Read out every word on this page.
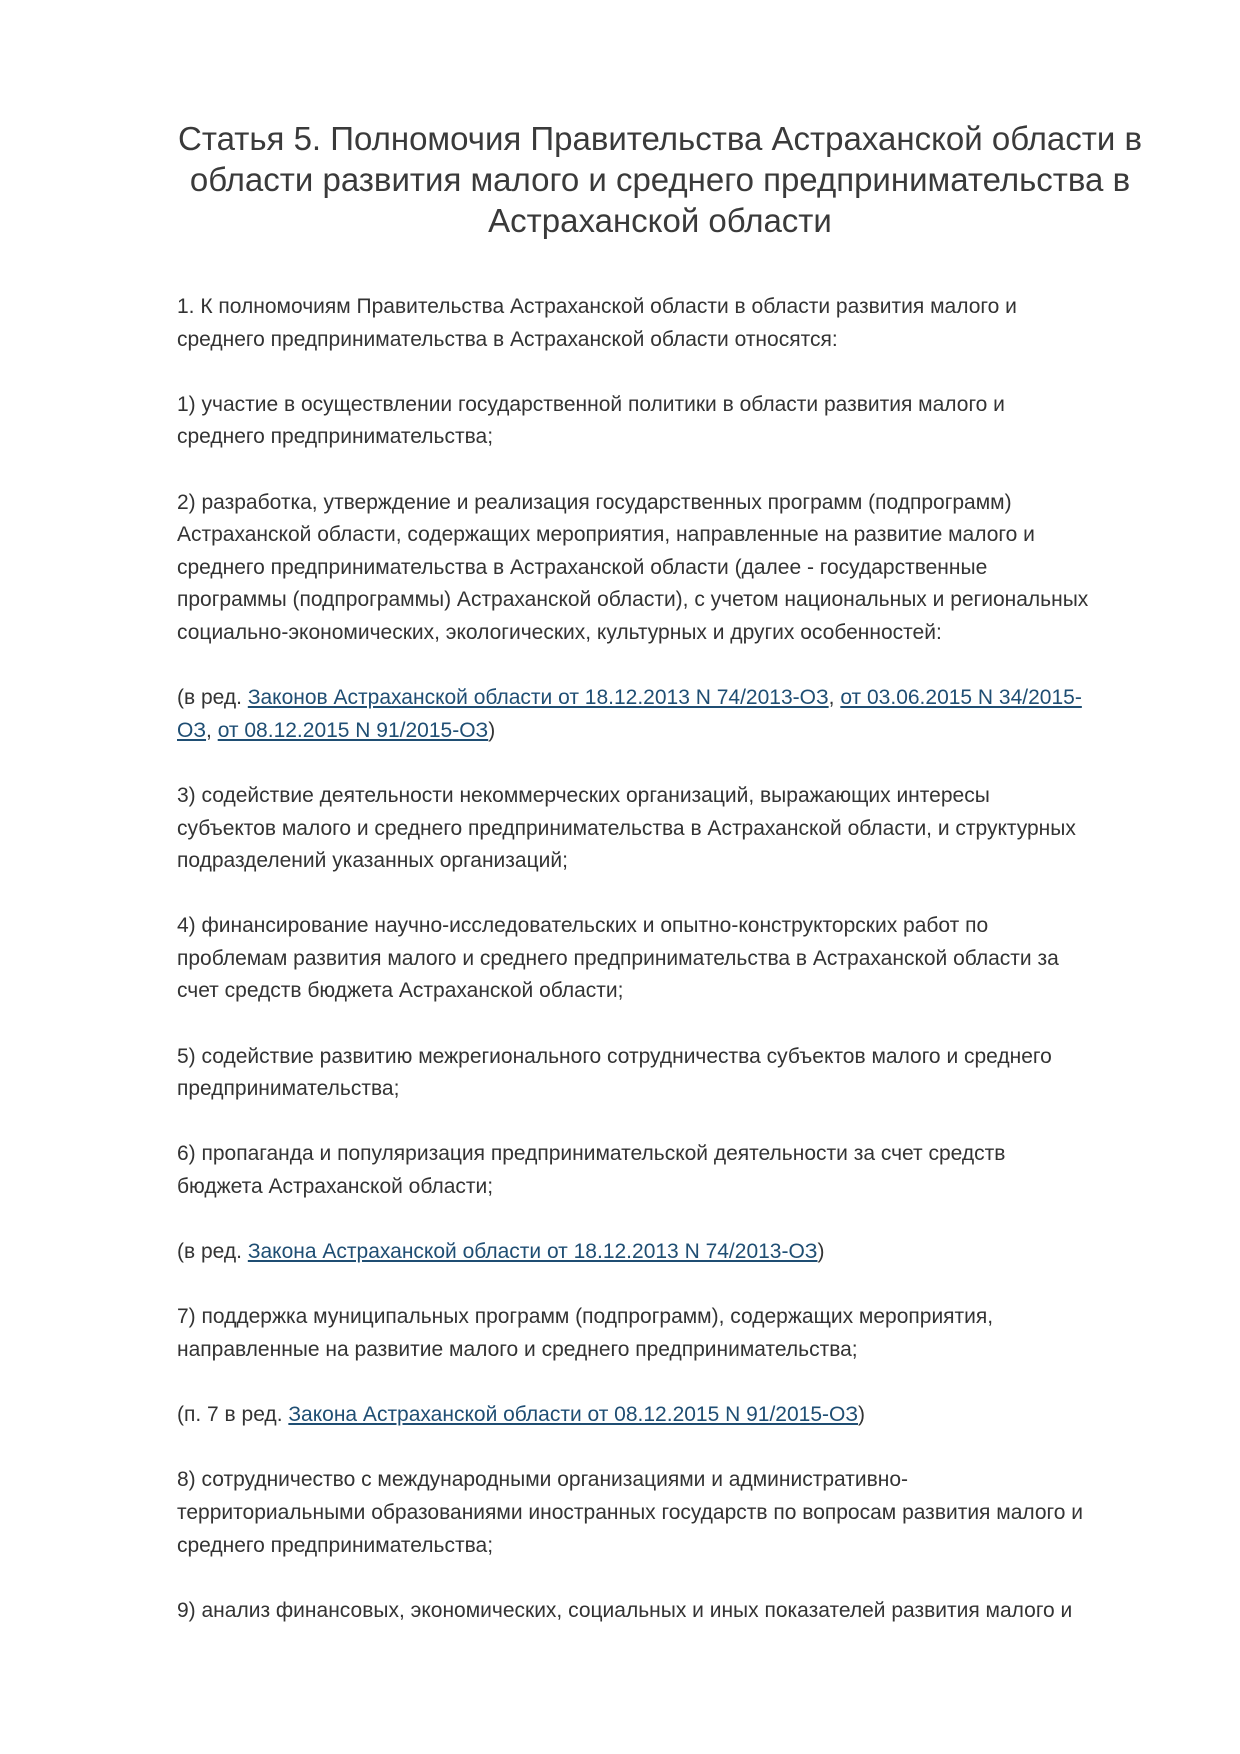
Статья 5. Полномочия Правительства Астраханской области в
области развития малого и среднего предпринимательства в
Астраханской области

1. К полномочиям Правительства Астраханской области в области развития малого и
среднего предпринимательства в Астраханской области относятся:

1) участие в осуществлении государственной политики в области развития малого и
среднего предпринимательства;

2) разработка, утверждение и реализация государственных программ (подпрограмм)
Астраханской области, содержащих мероприятия, направленные на развитие малого и
среднего предпринимательства в Астраханской области (далее - государственные
программы (подпрограммы) Астраханской области), с учетом национальных и региональных
социально-экономических, экологических, культурных и других особенностей:

(в ред. Законов Астраханской области от 18.12.2013 N 74/2013-ОЗ, от 03.06.2015 N 34/2015-
ОЗ, от 08.12.2015 N 91/2015-ОЗ)

3) содействие деятельности некоммерческих организаций, выражающих интересы
субъектов малого и среднего предпринимательства в Астраханской области, и структурных
подразделений указанных организаций;

4) финансирование научно-исследовательских и опытно-конструкторских работ по
проблемам развития малого и среднего предпринимательства в Астраханской области за
счет средств бюджета Астраханской области;

5) содействие развитию межрегионального сотрудничества субъектов малого и среднего
предпринимательства;

6) пропаганда и популяризация предпринимательской деятельности за счет средств
бюджета Астраханской области;

(в ред. Закона Астраханской области от 18.12.2013 N 74/2013-ОЗ)

7) поддержка муниципальных программ (подпрограмм), содержащих мероприятия,
направленные на развитие малого и среднего предпринимательства;

(п. 7 в ред. Закона Астраханской области от 08.12.2015 N 91/2015-ОЗ)

8) сотрудничество с международными организациями и административно-
территориальными образованиями иностранных государств по вопросам развития малого и
среднего предпринимательства;

9) анализ финансовых, экономических, социальных и иных показателей развития малого и
